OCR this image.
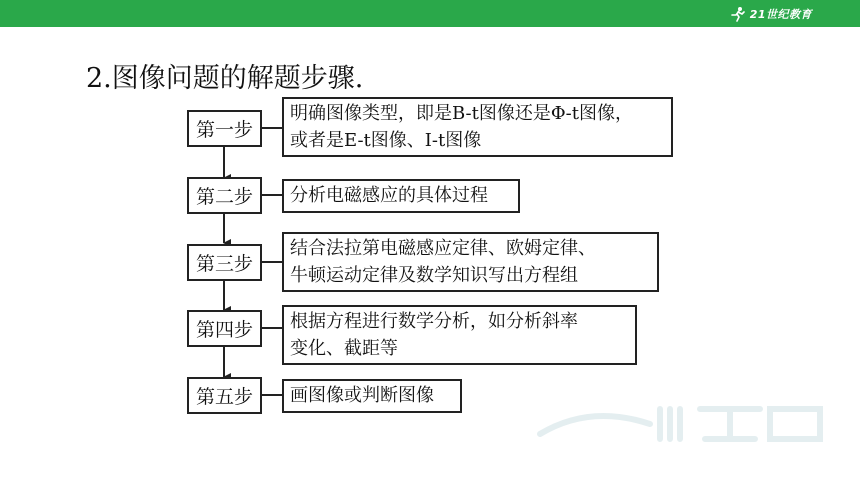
21世纪教育
2.图像问题的解题步骤.
第一步
明确图像类型，即是B-t图像还是Φ-t图像，
或者是E-t图像、I-t图像
第二步 分析电磁感应的具体过程
第三步
结合法拉第电磁感应定律、欧姆定律、
牛顿运动定律及数学知识写出方程组
第四步 根据方程进行数学分析，如分析斜率
变化、截距等
第五步 画图像或判断图像
